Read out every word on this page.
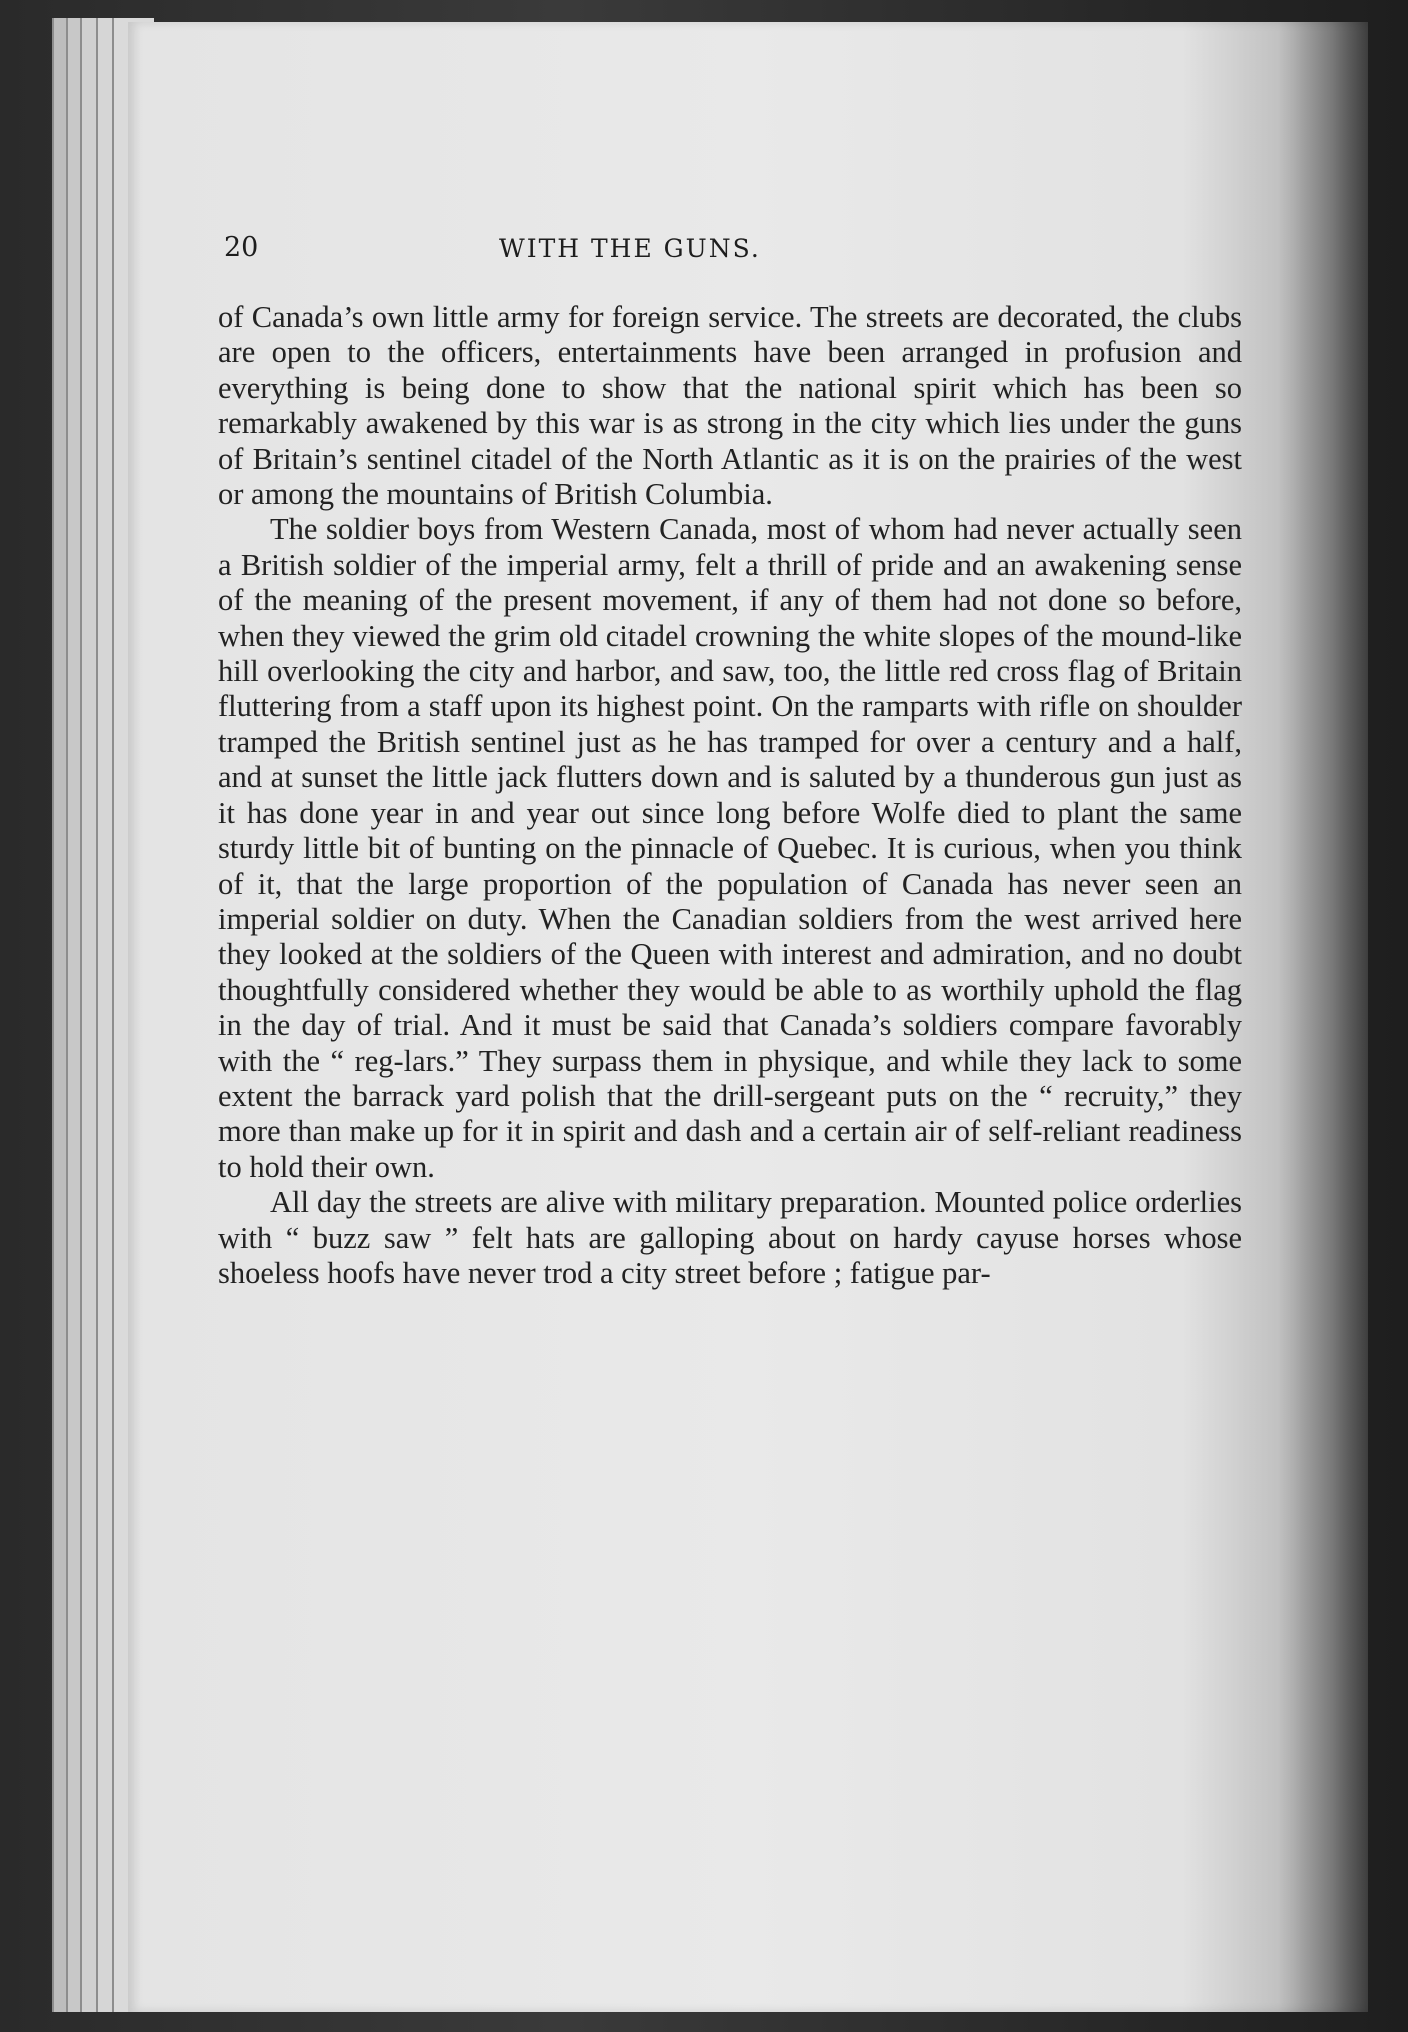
20	WITH THE GUNS.

of Canada’s own little army for foreign service. The streets are decorated, the clubs are open to the officers, entertainments have been arranged in profusion and everything is being done to show that the national spirit which has been so remarkably awakened by this war is as strong in the city which lies under the guns of Britain’s sentinel citadel of the North Atlantic as it is on the prairies of the west or among the mountains of British Columbia.

The soldier boys from Western Canada, most of whom had never actually seen a British soldier of the imperial army, felt a thrill of pride and an awakening sense of the meaning of the present movement, if any of them had not done so before, when they viewed the grim old citadel crowning the white slopes of the mound-like hill overlooking the city and harbor, and saw, too, the little red cross flag of Britain fluttering from a staff upon its highest point. On the ramparts with rifle on shoulder tramped the British sentinel just as he has tramped for over a century and a half, and at sunset the little jack flutters down and is saluted by a thunderous gun just as it has done year in and year out since long before Wolfe died to plant the same sturdy little bit of bunting on the pinnacle of Quebec. It is curious, when you think of it, that the large proportion of the population of Canada has never seen an imperial soldier on duty. When the Canadian soldiers from the west arrived here they looked at the soldiers of the Queen with interest and admiration, and no doubt thoughtfully considered whether they would be able to as worthily uphold the flag in the day of trial. And it must be said that Canada’s soldiers compare favorably with the “ reg-lars.” They surpass them in physique, and while they lack to some extent the barrack yard polish that the drill-sergeant puts on the “ recruity,” they more than make up for it in spirit and dash and a certain air of self-reliant readiness to hold their own.

All day the streets are alive with military preparation. Mounted police orderlies with “ buzz saw ” felt hats are galloping about on hardy cayuse horses whose shoeless hoofs have never trod a city street before ; fatigue par-
